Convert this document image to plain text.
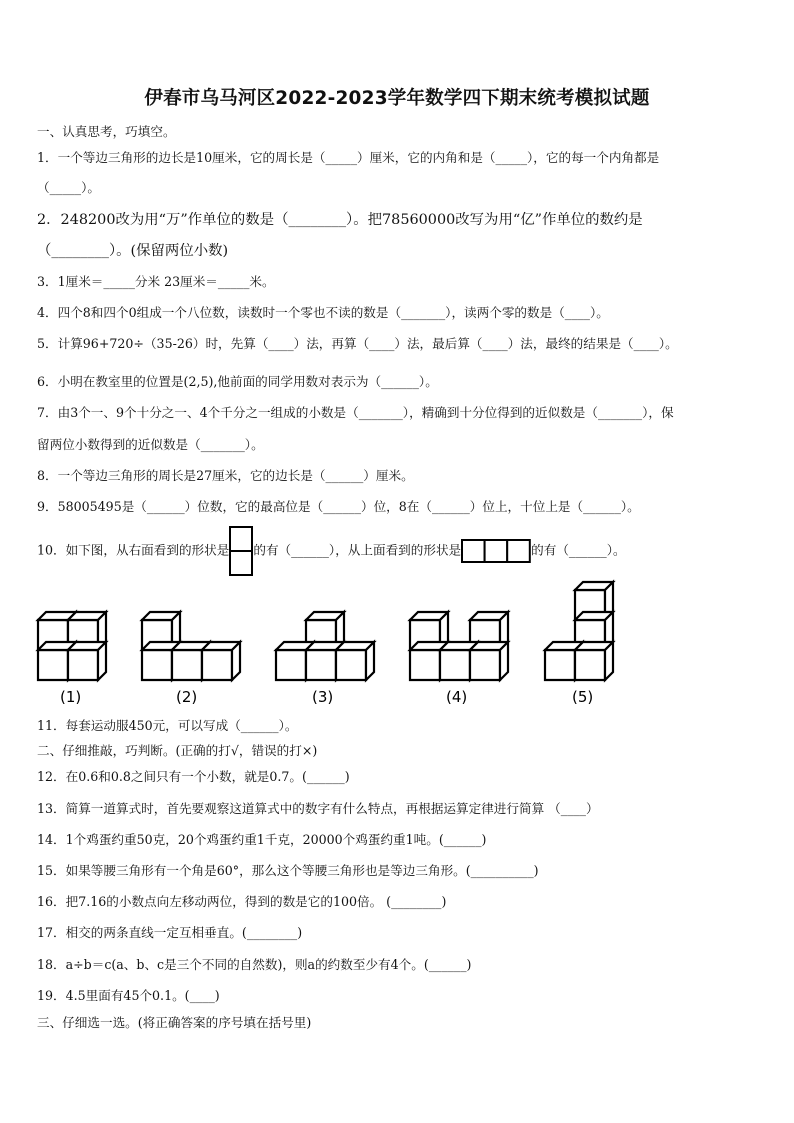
伊春市乌马河区2022-2023学年数学四下期末统考模拟试题
一、认真思考，巧填空。
1．一个等边三角形的边长是10厘米，它的周长是（_____）厘米，它的内角和是（_____），它的每一个内角都是
（_____）。
2．248200改为用“万”作单位的数是（________）。把78560000改写为用“亿”作单位的数约是
（________）。(保留两位小数)
3．1厘米＝_____分米 23厘米＝_____米。
4．四个8和四个0组成一个八位数，读数时一个零也不读的数是（_______），读两个零的数是（____）。
5．计算96+720÷（35-26）时，先算（____）法，再算（____）法，最后算（____）法，最终的结果是（____）。
6．小明在教室里的位置是(2,5),他前面的同学用数对表示为（______）。
7．由3个一、9个十分之一、4个千分之一组成的小数是（_______），精确到十分位得到的近似数是（_______），保
留两位小数得到的近似数是（_______）。
8．一个等边三角形的周长是27厘米，它的边长是（______）厘米。
9．58005495是（______）位数，它的最高位是（______）位，8在（______）位上，十位上是（______）。
10．如下图，从右面看到的形状是 的有（______），从上面看到的形状是	的有（______）。
(1)	(2)	(3)	(4)	(5)
11．每套运动服450元，可以写成（______）。
二、仔细推敲，巧判断。(正确的打√，错误的打×)
12．在0.6和0.8之间只有一个小数，就是0.7。(______)
13．简算一道算式时，首先要观察这道算式中的数字有什么特点，再根据运算定律进行简算 （____）
14．1个鸡蛋约重50克，20个鸡蛋约重1千克，20000个鸡蛋约重1吨。(______)
15．如果等腰三角形有一个角是60°，那么这个等腰三角形也是等边三角形。(__________)
16．把7.16的小数点向左移动两位，得到的数是它的100倍。 (________)
17．相交的两条直线一定互相垂直。(________)
18．a÷b＝c(a、b、c是三个不同的自然数)，则a的约数至少有4个。(______)
19．4.5里面有45个0.1。(____)
三、仔细选一选。(将正确答案的序号填在括号里)
